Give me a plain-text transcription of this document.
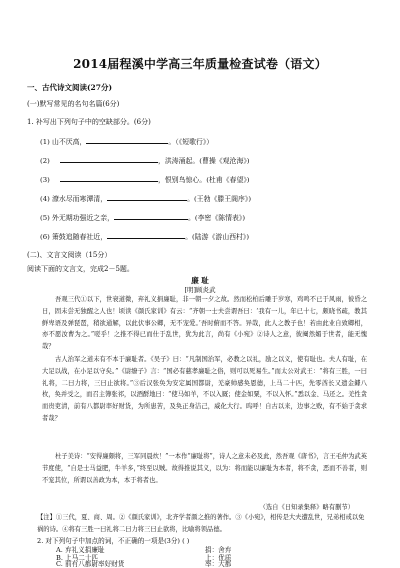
2014届程溪中学高三年质量检查试卷（语文）
一、古代诗文阅读(27分)
(一)默写常见的名句名篇(6分)
1. 补写出下列句子中的空缺部分。(6分)
(1) 山不厌高，	。（《短歌行》）
(2)	，洪涛涌起。(曹操《观沧海》)
(3)	，恨别鸟惊心。(杜甫《春望》)
(4) 潦水尽而寒潭清，	。(王勃《滕王阁序》)
(5) 外无期功强近之亲，	。(李密《陈情表》)
(6) 箫鼓追随春社近，	。(陆游《游山西村》)
(二)、文言文阅读（15分）
阅读下面的文言文，完成2－5题。
廉 耻
[明]顾炎武
吾观三代①以下，世衰道微，弃礼义捐廉耻，非一朝一夕之故。然而松柏后雕于岁寒，鸡鸣不已于风雨，彼昏之日，固未尝无独醒之人也！顷读《颜氏家训》有云：“齐朝一士夫尝谓吾曰：‘我有一儿，年已十七，颇晓书疏，教其鲜卑语及弹琵琶，稍欲通解，以此伏事公卿，无不宠爱。’吾时俯而不答。异哉，此人之教子也！若由此业自致卿相，亦不愿汝曹为之。”嗟乎！之推不得已而仕于乱世，犹为此言，尚有《小宛》②诗人之意，彼阉然媚于世者，能无愧哉？
古人治军之道未有不本于廉耻者。《吴子》曰：“凡制国治军，必教之以礼，励之以义，使有耻也。夫人有耻，在大足以战，在小足以守矣。”《尉缭子》言：“国必有慈孝廉耻之俗，则可以死易生。”而太公对武王：“将有三胜，一曰礼将，二曰力将，三曰止欲将。”③后汉张奂为安定属国都尉，羌豪帅感奂恩德，上马二十匹，先零酋长又遗金鐻八枚，奂并受之，而召主簿张祁，以酒酹地曰：“使马如羊，不以入厩；使金如粟，不以入怀。”悉以金、马还之。羌性贪而贵吏清，前有八都尉率好财货，为所患苦，及奂正身洁己，威化大行。呜呼！自古以来，边事之败，有不始于贪求者哉？
杜子美诗：“安得廉颇将，三军同晨炊！”一本作“廉耻将”，诗人之意未必及此，然吾观《唐书》，言王毛仲为武英节度使，“自是士马益肥，牛羊多，”终至以贼。故得推说其义，以为：将而能以廉耻为本者，将不贪，恶而不善者，则不宠其位，所谓以善政为本，本于将者也。
（选自《日知录集释》略有删节）
【注】①三代，夏、商、周。②《颜氏家训》，北齐学者颜之推的著作。③《小宛》，相传是大夫遭乱世，兄弟相戒以免祸的诗。④将有三胜一曰礼将二曰力将三曰止欲将，比喻将领品德。
2. 对下列句子中加点的词，不正确的一项是(3分) ( )
A. 弃礼义捐廉耻	捐：舍弃
B. 上马二十匹	上：优质
C. 前有八都尉率好财货	率：大都
